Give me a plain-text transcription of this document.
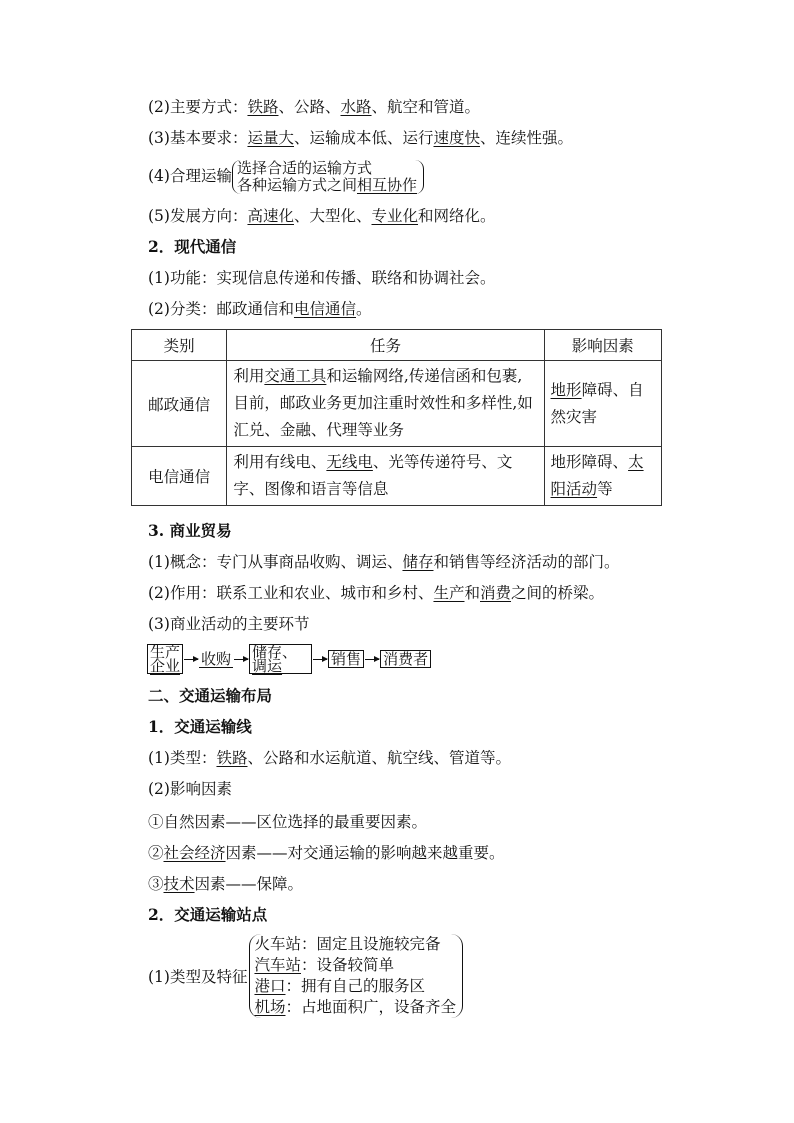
(2)主要方式：铁路、公路、水路、航空和管道。
(3)基本要求：运量大、运输成本低、运行速度快、连续性强。
(4)合理运输 选择合适的运输方式
各种运输方式之间相互协作
(5)发展方向：高速化、大型化、专业化和网络化。
2．现代通信
(1)功能：实现信息传递和传播、联络和协调社会。
(2)分类：邮政通信和电信通信。
类别	任务	影响因素
邮政通信	利用交通工具和运输网络,传递信函和包裹,目前，邮政业务更加注重时效性和多样性,如汇兑、金融、代理等业务	地形障碍、自然灾害
电信通信	利用有线电、无线电、光等传递符号、文字、图像和语言等信息	地形障碍、太阳活动等
3. 商业贸易
(1)概念：专门从事商品收购、调运、储存和销售等经济活动的部门。
(2)作用：联系工业和农业、城市和乡村、生产和消费之间的桥梁。
(3)商业活动的主要环节
生产
企业 收购 储存、
调运	销售 消费者
二、交通运输布局
1．交通运输线
(1)类型：铁路、公路和水运航道、航空线、管道等。
(2)影响因素
①自然因素——区位选择的最重要因素。
②社会经济因素——对交通运输的影响越来越重要。
③技术因素——保障。
2．交通运输站点
(1)类型及特征
火车站：固定且设施较完备
汽车站：设备较简单
港口：拥有自己的服务区
机场：占地面积广，设备齐全
